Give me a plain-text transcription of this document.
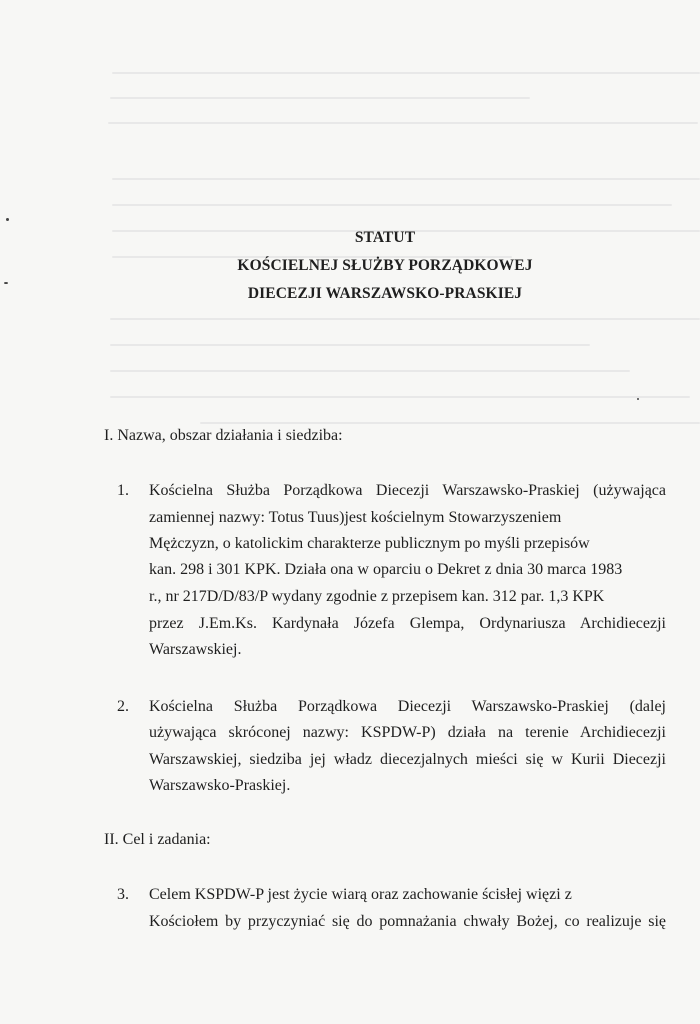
STATUT
KOŚCIELNEJ SŁUŻBY PORZĄDKOWEJ
DIECEZJI WARSZAWSKO-PRASKIEJ
I. Nazwa, obszar działania i siedziba:
1. Kościelna Służba Porządkowa Diecezji Warszawsko-Praskiej (używająca
zamiennej nazwy: Totus Tuus)jest kościelnym Stowarzyszeniem
Mężczyzn, o katolickim charakterze publicznym po myśli przepisów
kan. 298 i 301 KPK. Działa ona w oparciu o Dekret z dnia 30 marca 1983
r., nr 217D/D/83/P wydany zgodnie z przepisem kan. 312 par. 1,3 KPK
przez J.Em.Ks. Kardynała Józefa Glempa, Ordynariusza Archidiecezji
Warszawskiej.
2. Kościelna Służba Porządkowa Diecezji Warszawsko-Praskiej (dalej
używająca skróconej nazwy: KSPDW-P) działa na terenie Archidiecezji
Warszawskiej, siedziba jej władz diecezjalnych mieści się w Kurii Diecezji
Warszawsko-Praskiej.
II. Cel i zadania:
3. Celem KSPDW-P jest życie wiarą oraz zachowanie ścisłej więzi z
Kościołem by przyczyniać się do pomnażania chwały Bożej, co realizuje się
